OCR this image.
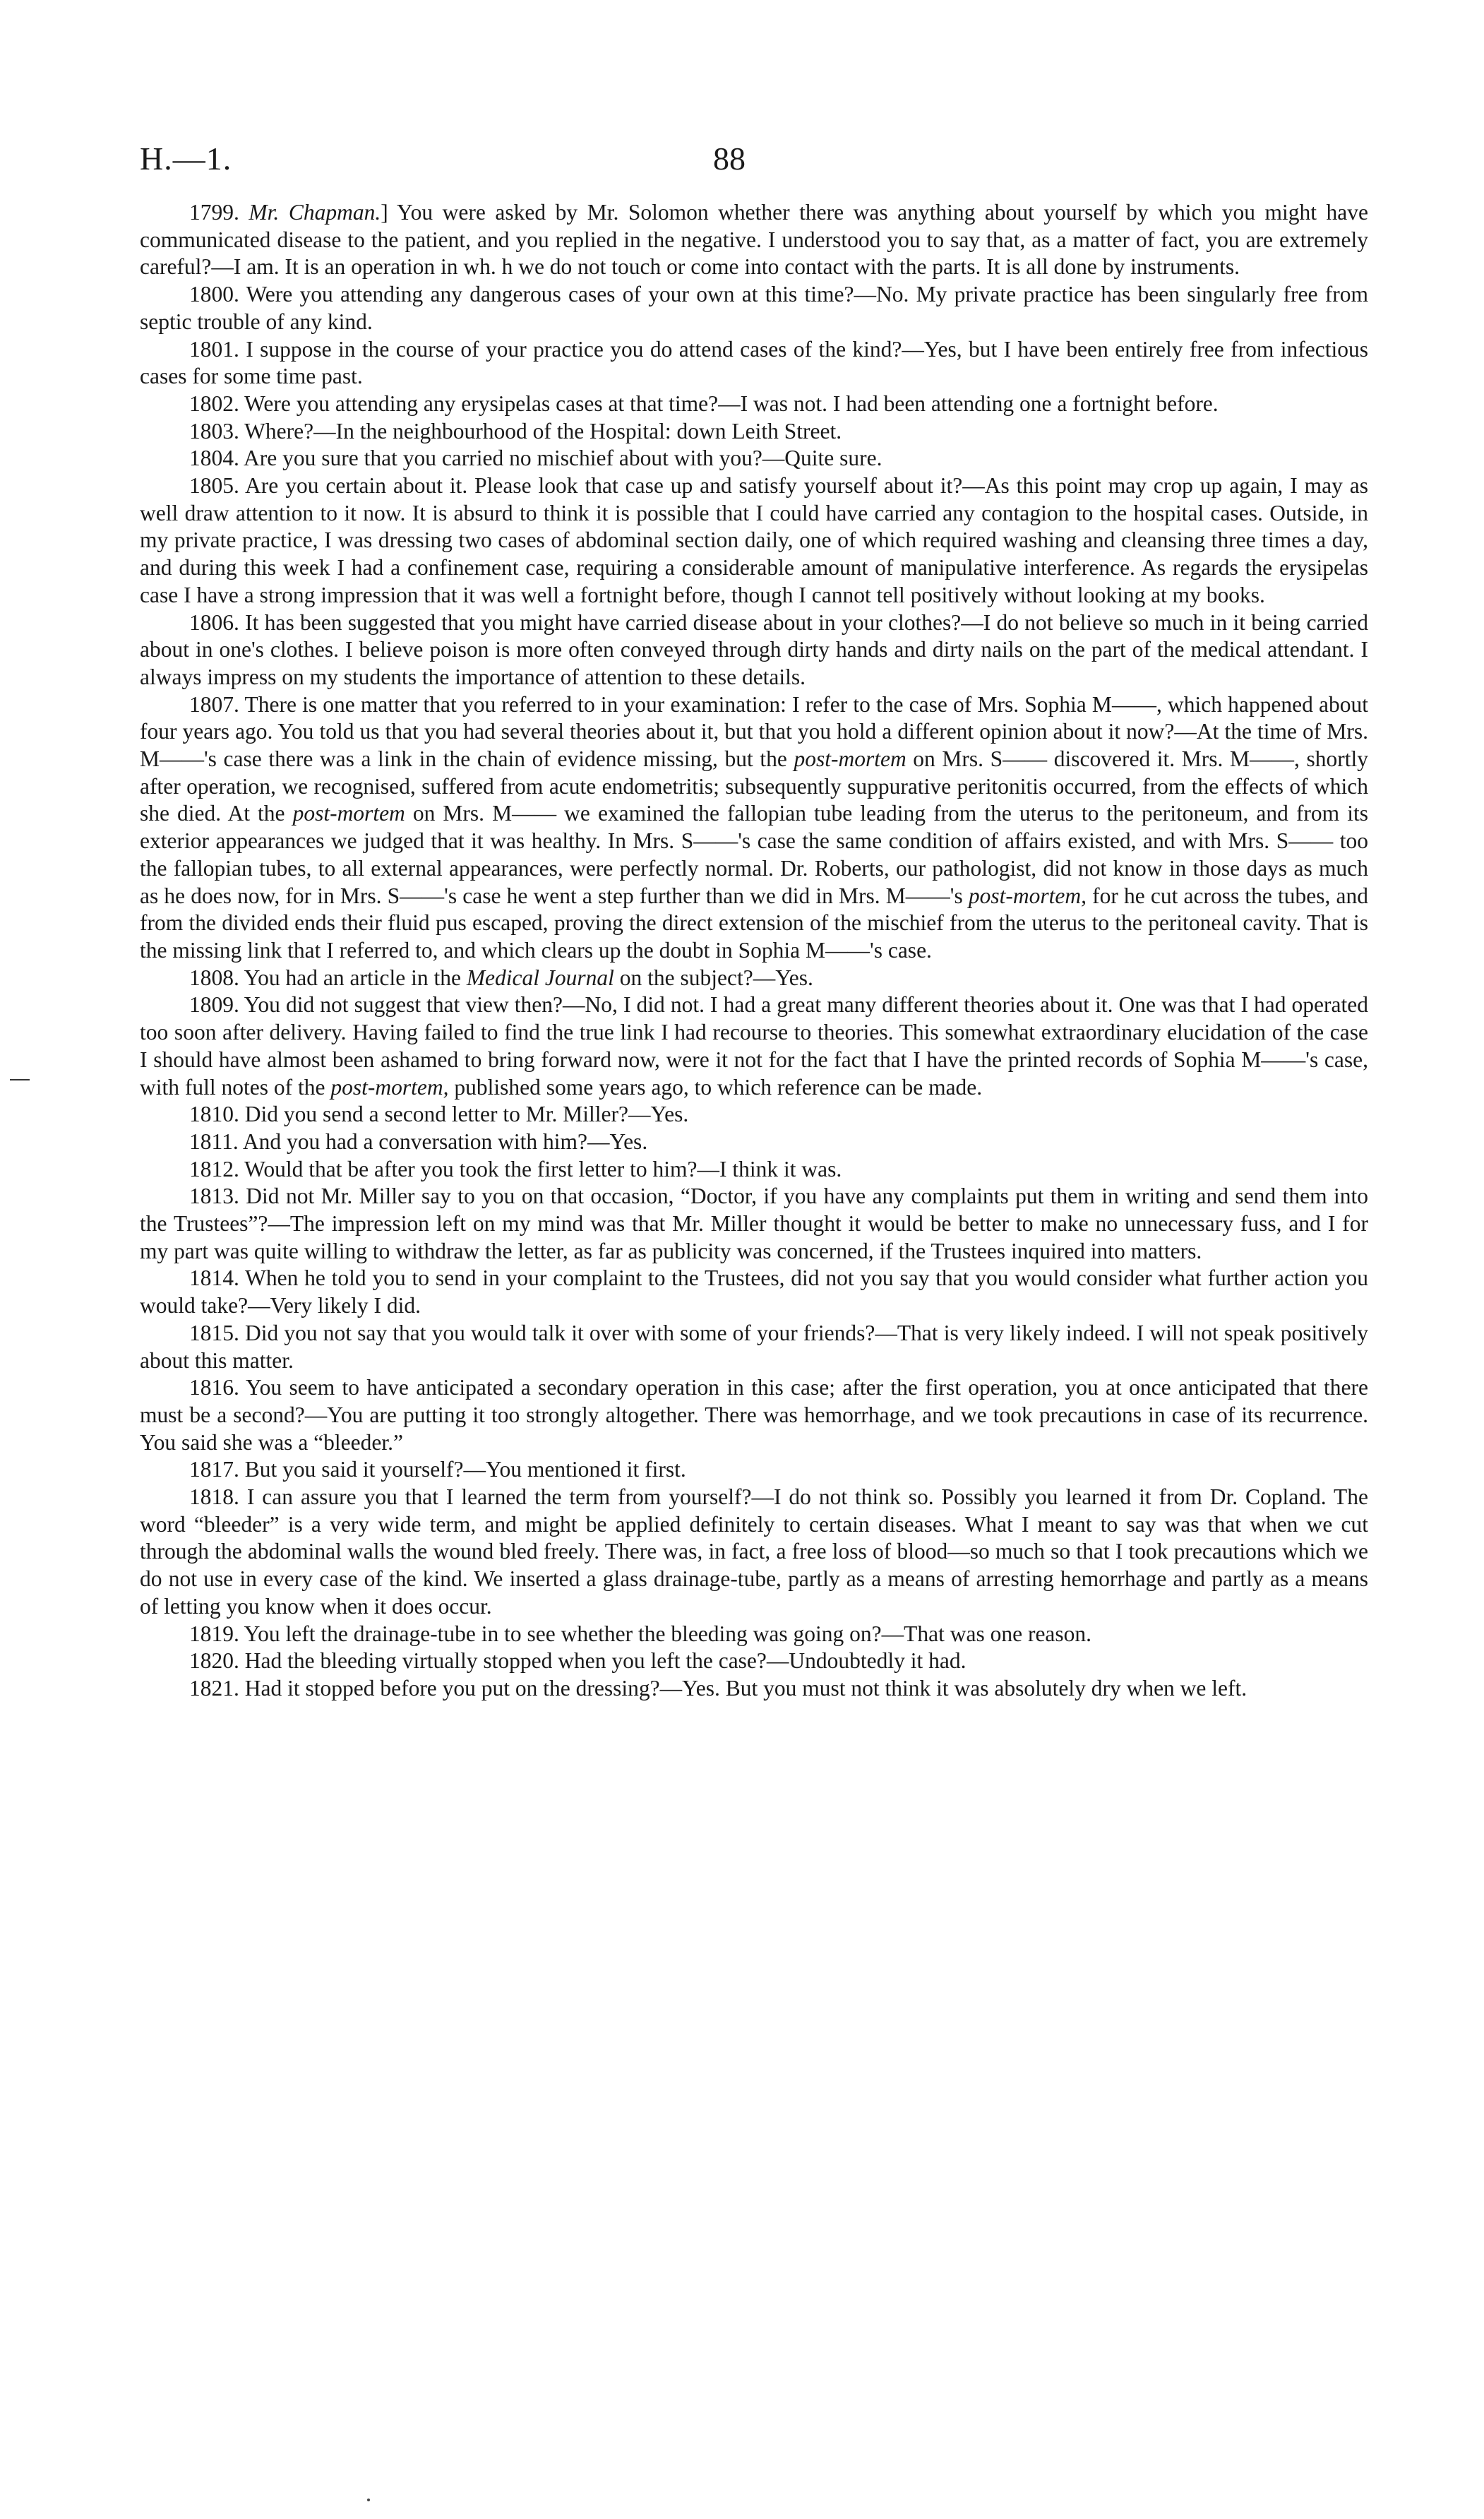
H.—1.	88

1799. Mr. Chapman.] You were asked by Mr. Solomon whether there was anything about yourself by which you might have communicated disease to the patient, and you replied in the negative. I understood you to say that, as a matter of fact, you are extremely careful?—I am. It is an operation in wh. h we do not touch or come into contact with the parts. It is all done by instruments.

1800. Were you attending any dangerous cases of your own at this time?—No. My private practice has been singularly free from septic trouble of any kind.

1801. I suppose in the course of your practice you do attend cases of the kind?—Yes, but I have been entirely free from infectious cases for some time past.

1802. Were you attending any erysipelas cases at that time?—I was not. I had been attending one a fortnight before.

1803. Where?—In the neighbourhood of the Hospital: down Leith Street.

1804. Are you sure that you carried no mischief about with you?—Quite sure.

1805. Are you certain about it. Please look that case up and satisfy yourself about it?—As this point may crop up again, I may as well draw attention to it now. It is absurd to think it is possible that I could have carried any contagion to the hospital cases. Outside, in my private practice, I was dressing two cases of abdominal section daily, one of which required washing and cleansing three times a day, and during this week I had a confinement case, requiring a considerable amount of manipulative interference. As regards the erysipelas case I have a strong impression that it was well a fortnight before, though I cannot tell positively without looking at my books.

1806. It has been suggested that you might have carried disease about in your clothes?—I do not believe so much in it being carried about in one's clothes. I believe poison is more often conveyed through dirty hands and dirty nails on the part of the medical attendant. I always impress on my students the importance of attention to these details.

1807. There is one matter that you referred to in your examination: I refer to the case of Mrs. Sophia M——, which happened about four years ago. You told us that you had several theories about it, but that you hold a different opinion about it now?—At the time of Mrs. M——'s case there was a link in the chain of evidence missing, but the post-mortem on Mrs. S—— discovered it. Mrs. M——, shortly after operation, we recognised, suffered from acute endometritis; subsequently suppurative peritonitis occurred, from the effects of which she died. At the post-mortem on Mrs. M—— we examined the fallopian tube leading from the uterus to the peritoneum, and from its exterior appearances we judged that it was healthy. In Mrs. S——'s case the same condition of affairs existed, and with Mrs. S—— too the fallopian tubes, to all external appearances, were perfectly normal. Dr. Roberts, our pathologist, did not know in those days as much as he does now, for in Mrs. S——'s case he went a step further than we did in Mrs. M——'s post-mortem, for he cut across the tubes, and from the divided ends their fluid pus escaped, proving the direct extension of the mischief from the uterus to the peritoneal cavity. That is the missing link that I referred to, and which clears up the doubt in Sophia M——'s case.

1808. You had an article in the Medical Journal on the subject?—Yes.

1809. You did not suggest that view then?—No, I did not. I had a great many different theories about it. One was that I had operated too soon after delivery. Having failed to find the true link I had recourse to theories. This somewhat extraordinary elucidation of the case I should have almost been ashamed to bring forward now, were it not for the fact that I have the printed records of Sophia M——'s case, with full notes of the post-mortem, published some years ago, to which reference can be made.

1810. Did you send a second letter to Mr. Miller?—Yes.

1811. And you had a conversation with him?—Yes.

1812. Would that be after you took the first letter to him?—I think it was.

1813. Did not Mr. Miller say to you on that occasion, “Doctor, if you have any complaints put them in writing and send them into the Trustees”?—The impression left on my mind was that Mr. Miller thought it would be better to make no unnecessary fuss, and I for my part was quite willing to withdraw the letter, as far as publicity was concerned, if the Trustees inquired into matters.

1814. When he told you to send in your complaint to the Trustees, did not you say that you would consider what further action you would take?—Very likely I did.

1815. Did you not say that you would talk it over with some of your friends?—That is very likely indeed. I will not speak positively about this matter.

1816. You seem to have anticipated a secondary operation in this case; after the first operation, you at once anticipated that there must be a second?—You are putting it too strongly altogether. There was hemorrhage, and we took precautions in case of its recurrence. You said she was a “bleeder.”

1817. But you said it yourself?—You mentioned it first.

1818. I can assure you that I learned the term from yourself?—I do not think so. Possibly you learned it from Dr. Copland. The word “bleeder” is a very wide term, and might be applied definitely to certain diseases. What I meant to say was that when we cut through the abdominal walls the wound bled freely. There was, in fact, a free loss of blood—so much so that I took precautions which we do not use in every case of the kind. We inserted a glass drainage-tube, partly as a means of arresting hemorrhage and partly as a means of letting you know when it does occur.

1819. You left the drainage-tube in to see whether the bleeding was going on?—That was one reason.

1820. Had the bleeding virtually stopped when you left the case?—Undoubtedly it had.

1821. Had it stopped before you put on the dressing?—Yes. But you must not think it was absolutely dry when we left.
